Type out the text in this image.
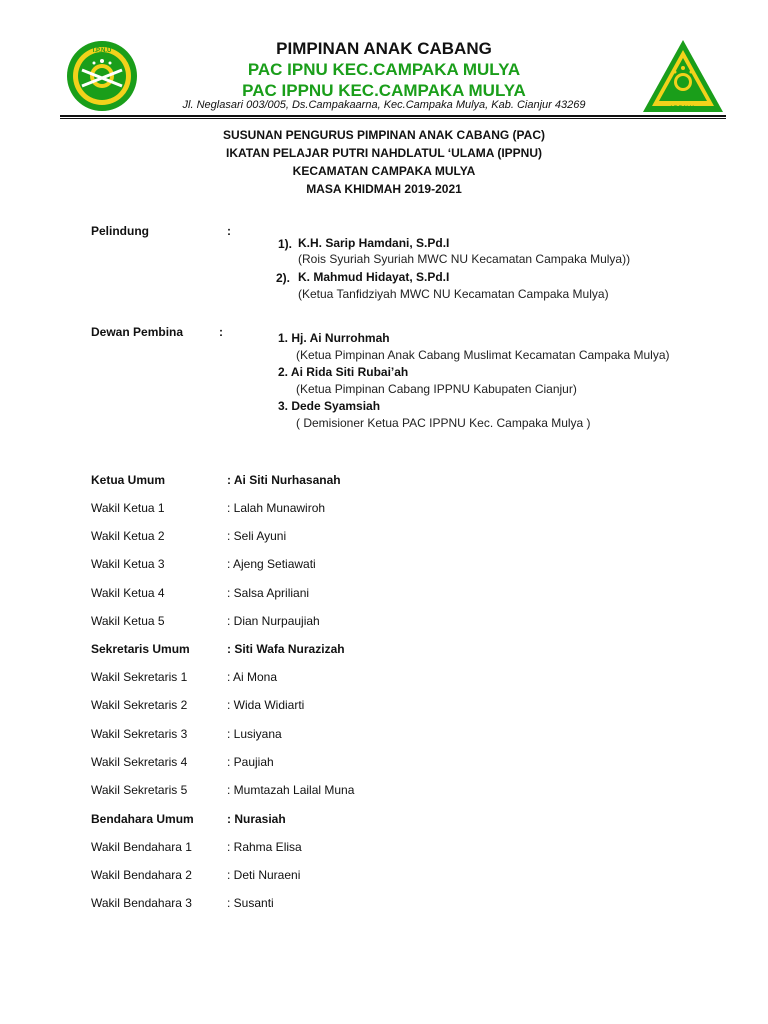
I.P.N.U
I.P.P.N.U.
PIMPINAN ANAK CABANG
PAC IPNU KEC.CAMPAKA MULYA
PAC IPPNU KEC.CAMPAKA MULYA
Jl. Neglasari 003/005, Ds.Campakaarna, Kec.Campaka Mulya, Kab. Cianjur 43269
SUSUNAN PENGURUS PIMPINAN ANAK CABANG (PAC)
IKATAN PELAJAR PUTRI NAHDLATUL ‘ULAMA (IPPNU)
KECAMATAN CAMPAKA MULYA
MASA KHIDMAH 2019-2021
Pelindung	:
1). K.H. Sarip Hamdani, S.Pd.I
(Rois Syuriah Syuriah MWC NU Kecamatan Campaka Mulya))
2). K. Mahmud Hidayat, S.Pd.I
(Ketua Tanfidziyah MWC NU Kecamatan Campaka Mulya)
Dewan Pembina	:	1. Hj. Ai Nurrohmah
(Ketua Pimpinan Anak Cabang Muslimat Kecamatan Campaka Mulya)
2. Ai Rida Siti Rubai’ah
(Ketua Pimpinan Cabang IPPNU Kabupaten Cianjur)
3. Dede Syamsiah
( Demisioner Ketua PAC IPPNU Kec. Campaka Mulya )
Ketua Umum	: Ai Siti Nurhasanah
Wakil Ketua 1	: Lalah Munawiroh
Wakil Ketua 2	: Seli Ayuni
Wakil Ketua 3	: Ajeng Setiawati
Wakil Ketua 4	: Salsa Apriliani
Wakil Ketua 5	: Dian Nurpaujiah
Sekretaris Umum	: Siti Wafa Nurazizah
Wakil Sekretaris 1	: Ai Mona
Wakil Sekretaris 2	: Wida Widiarti
Wakil Sekretaris 3	: Lusiyana
Wakil Sekretaris 4	: Paujiah
Wakil Sekretaris 5	: Mumtazah Lailal Muna
Bendahara Umum	: Nurasiah
Wakil Bendahara 1	: Rahma Elisa
Wakil Bendahara 2	: Deti Nuraeni
Wakil Bendahara 3	: Susanti
